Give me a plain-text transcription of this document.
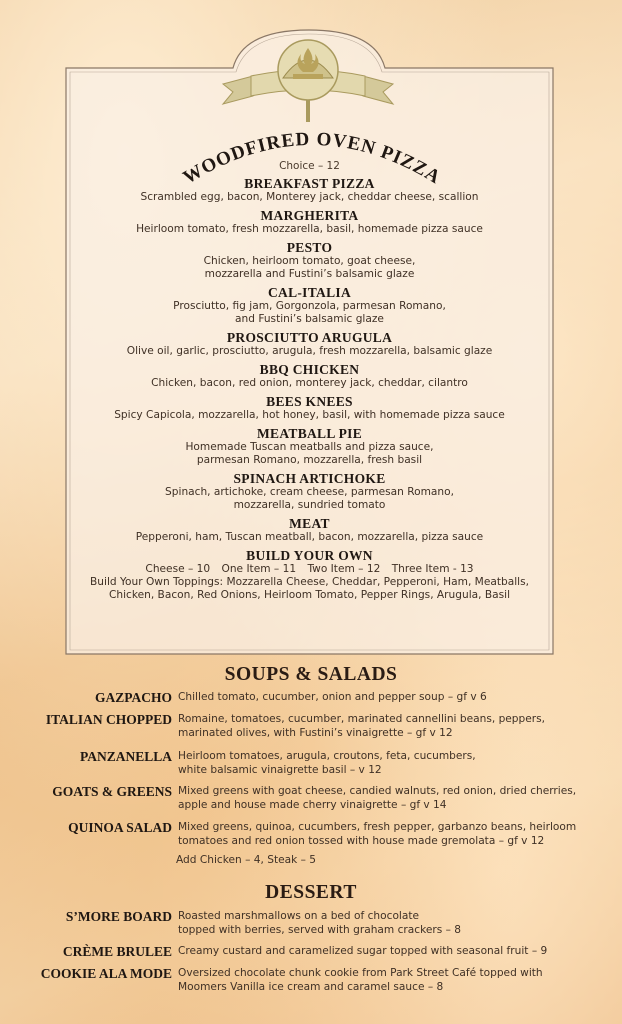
WOODFIRED OVEN PIZZA
Choice – 12
BREAKFAST PIZZA
Scrambled egg, bacon, Monterey jack, cheddar cheese, scallion
MARGHERITA
Heirloom tomato, fresh mozzarella, basil, homemade pizza sauce
PESTO
Chicken, heirloom tomato, goat cheese,
mozzarella and Fustini’s balsamic glaze
CAL-ITALIA
Prosciutto, fig jam, Gorgonzola, parmesan Romano,
and Fustini’s balsamic glaze
PROSCIUTTO ARUGULA
Olive oil, garlic, prosciutto, arugula, fresh mozzarella, balsamic glaze
BBQ CHICKEN
Chicken, bacon, red onion, monterey jack, cheddar, cilantro
BEES KNEES
Spicy Capicola, mozzarella, hot honey, basil, with homemade pizza sauce
MEATBALL PIE
Homemade Tuscan meatballs and pizza sauce,
parmesan Romano, mozzarella, fresh basil
SPINACH ARTICHOKE
Spinach, artichoke, cream cheese, parmesan Romano,
mozzarella, sundried tomato
MEAT
Pepperoni, ham, Tuscan meatball, bacon, mozzarella, pizza sauce
BUILD YOUR OWN
Cheese – 10 One Item – 11 Two Item – 12 Three Item - 13
Build Your Own Toppings: Mozzarella Cheese, Cheddar, Pepperoni, Ham, Meatballs,
Chicken, Bacon, Red Onions, Heirloom Tomato, Pepper Rings, Arugula, Basil
SOUPS & SALADS
GAZPACHO Chilled tomato, cucumber, onion and pepper soup – gf v 6
ITALIAN CHOPPED Romaine, tomatoes, cucumber, marinated cannellini beans, peppers,
marinated olives, with Fustini’s vinaigrette – gf v 12
PANZANELLA Heirloom tomatoes, arugula, croutons, feta, cucumbers,
white balsamic vinaigrette basil – v 12
GOATS & GREENS Mixed greens with goat cheese, candied walnuts, red onion, dried cherries,
apple and house made cherry vinaigrette – gf v 14
QUINOA SALAD Mixed greens, quinoa, cucumbers, fresh pepper, garbanzo beans, heirloom
tomatoes and red onion tossed with house made gremolata – gf v 12
Add Chicken – 4, Steak – 5
DESSERT
S’MORE BOARD Roasted marshmallows on a bed of chocolate
topped with berries, served with graham crackers – 8
CRÈME BRULEE Creamy custard and caramelized sugar topped with seasonal fruit – 9
COOKIE ALA MODE Oversized chocolate chunk cookie from Park Street Café topped with
Moomers Vanilla ice cream and caramel sauce – 8
